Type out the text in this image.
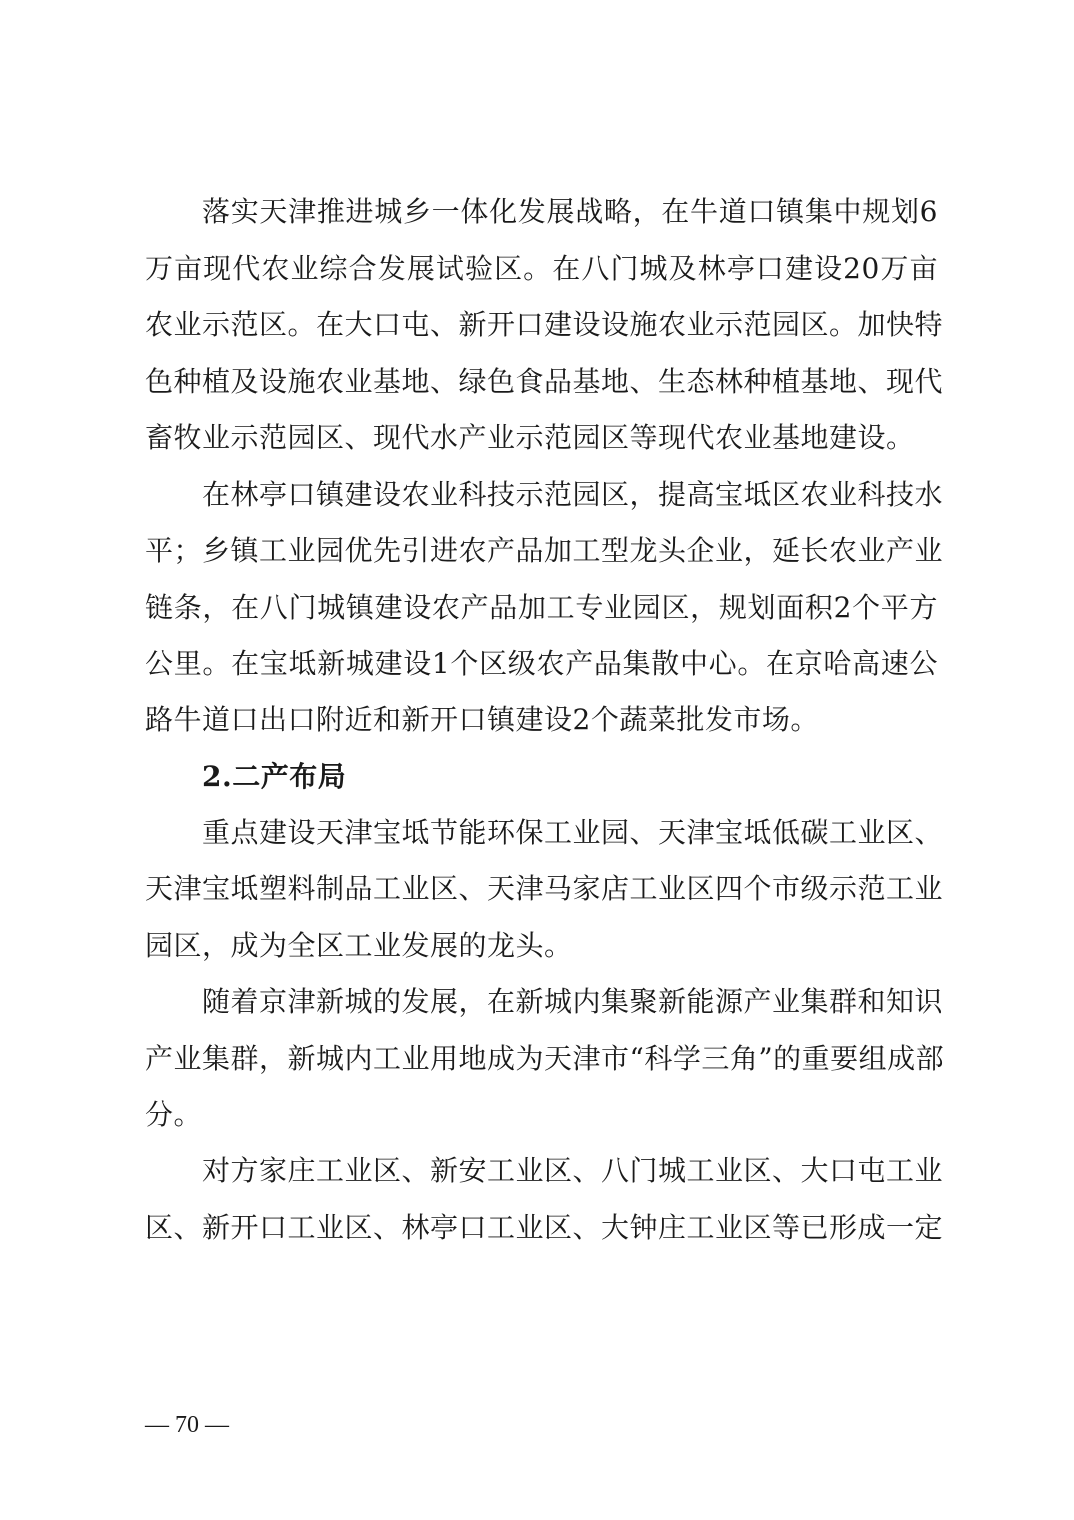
落实天津推进城乡一体化发展战略，在牛道口镇集中规划6
万亩现代农业综合发展试验区。在八门城及林亭口建设20万亩
农业示范区。在大口屯、新开口建设设施农业示范园区。加快特
色种植及设施农业基地、绿色食品基地、生态林种植基地、现代
畜牧业示范园区、现代水产业示范园区等现代农业基地建设。
在林亭口镇建设农业科技示范园区，提高宝坻区农业科技水
平；乡镇工业园优先引进农产品加工型龙头企业，延长农业产业
链条，在八门城镇建设农产品加工专业园区，规划面积2个平方
公里。在宝坻新城建设1个区级农产品集散中心。在京哈高速公
路牛道口出口附近和新开口镇建设2个蔬菜批发市场。
2.二产布局
重点建设天津宝坻节能环保工业园、天津宝坻低碳工业区、
天津宝坻塑料制品工业区、天津马家店工业区四个市级示范工业
园区，成为全区工业发展的龙头。
随着京津新城的发展，在新城内集聚新能源产业集群和知识
产业集群，新城内工业用地成为天津市“科学三角”的重要组成部
分。
对方家庄工业区、新安工业区、八门城工业区、大口屯工业
区、新开口工业区、林亭口工业区、大钟庄工业区等已形成一定
— 70 —
